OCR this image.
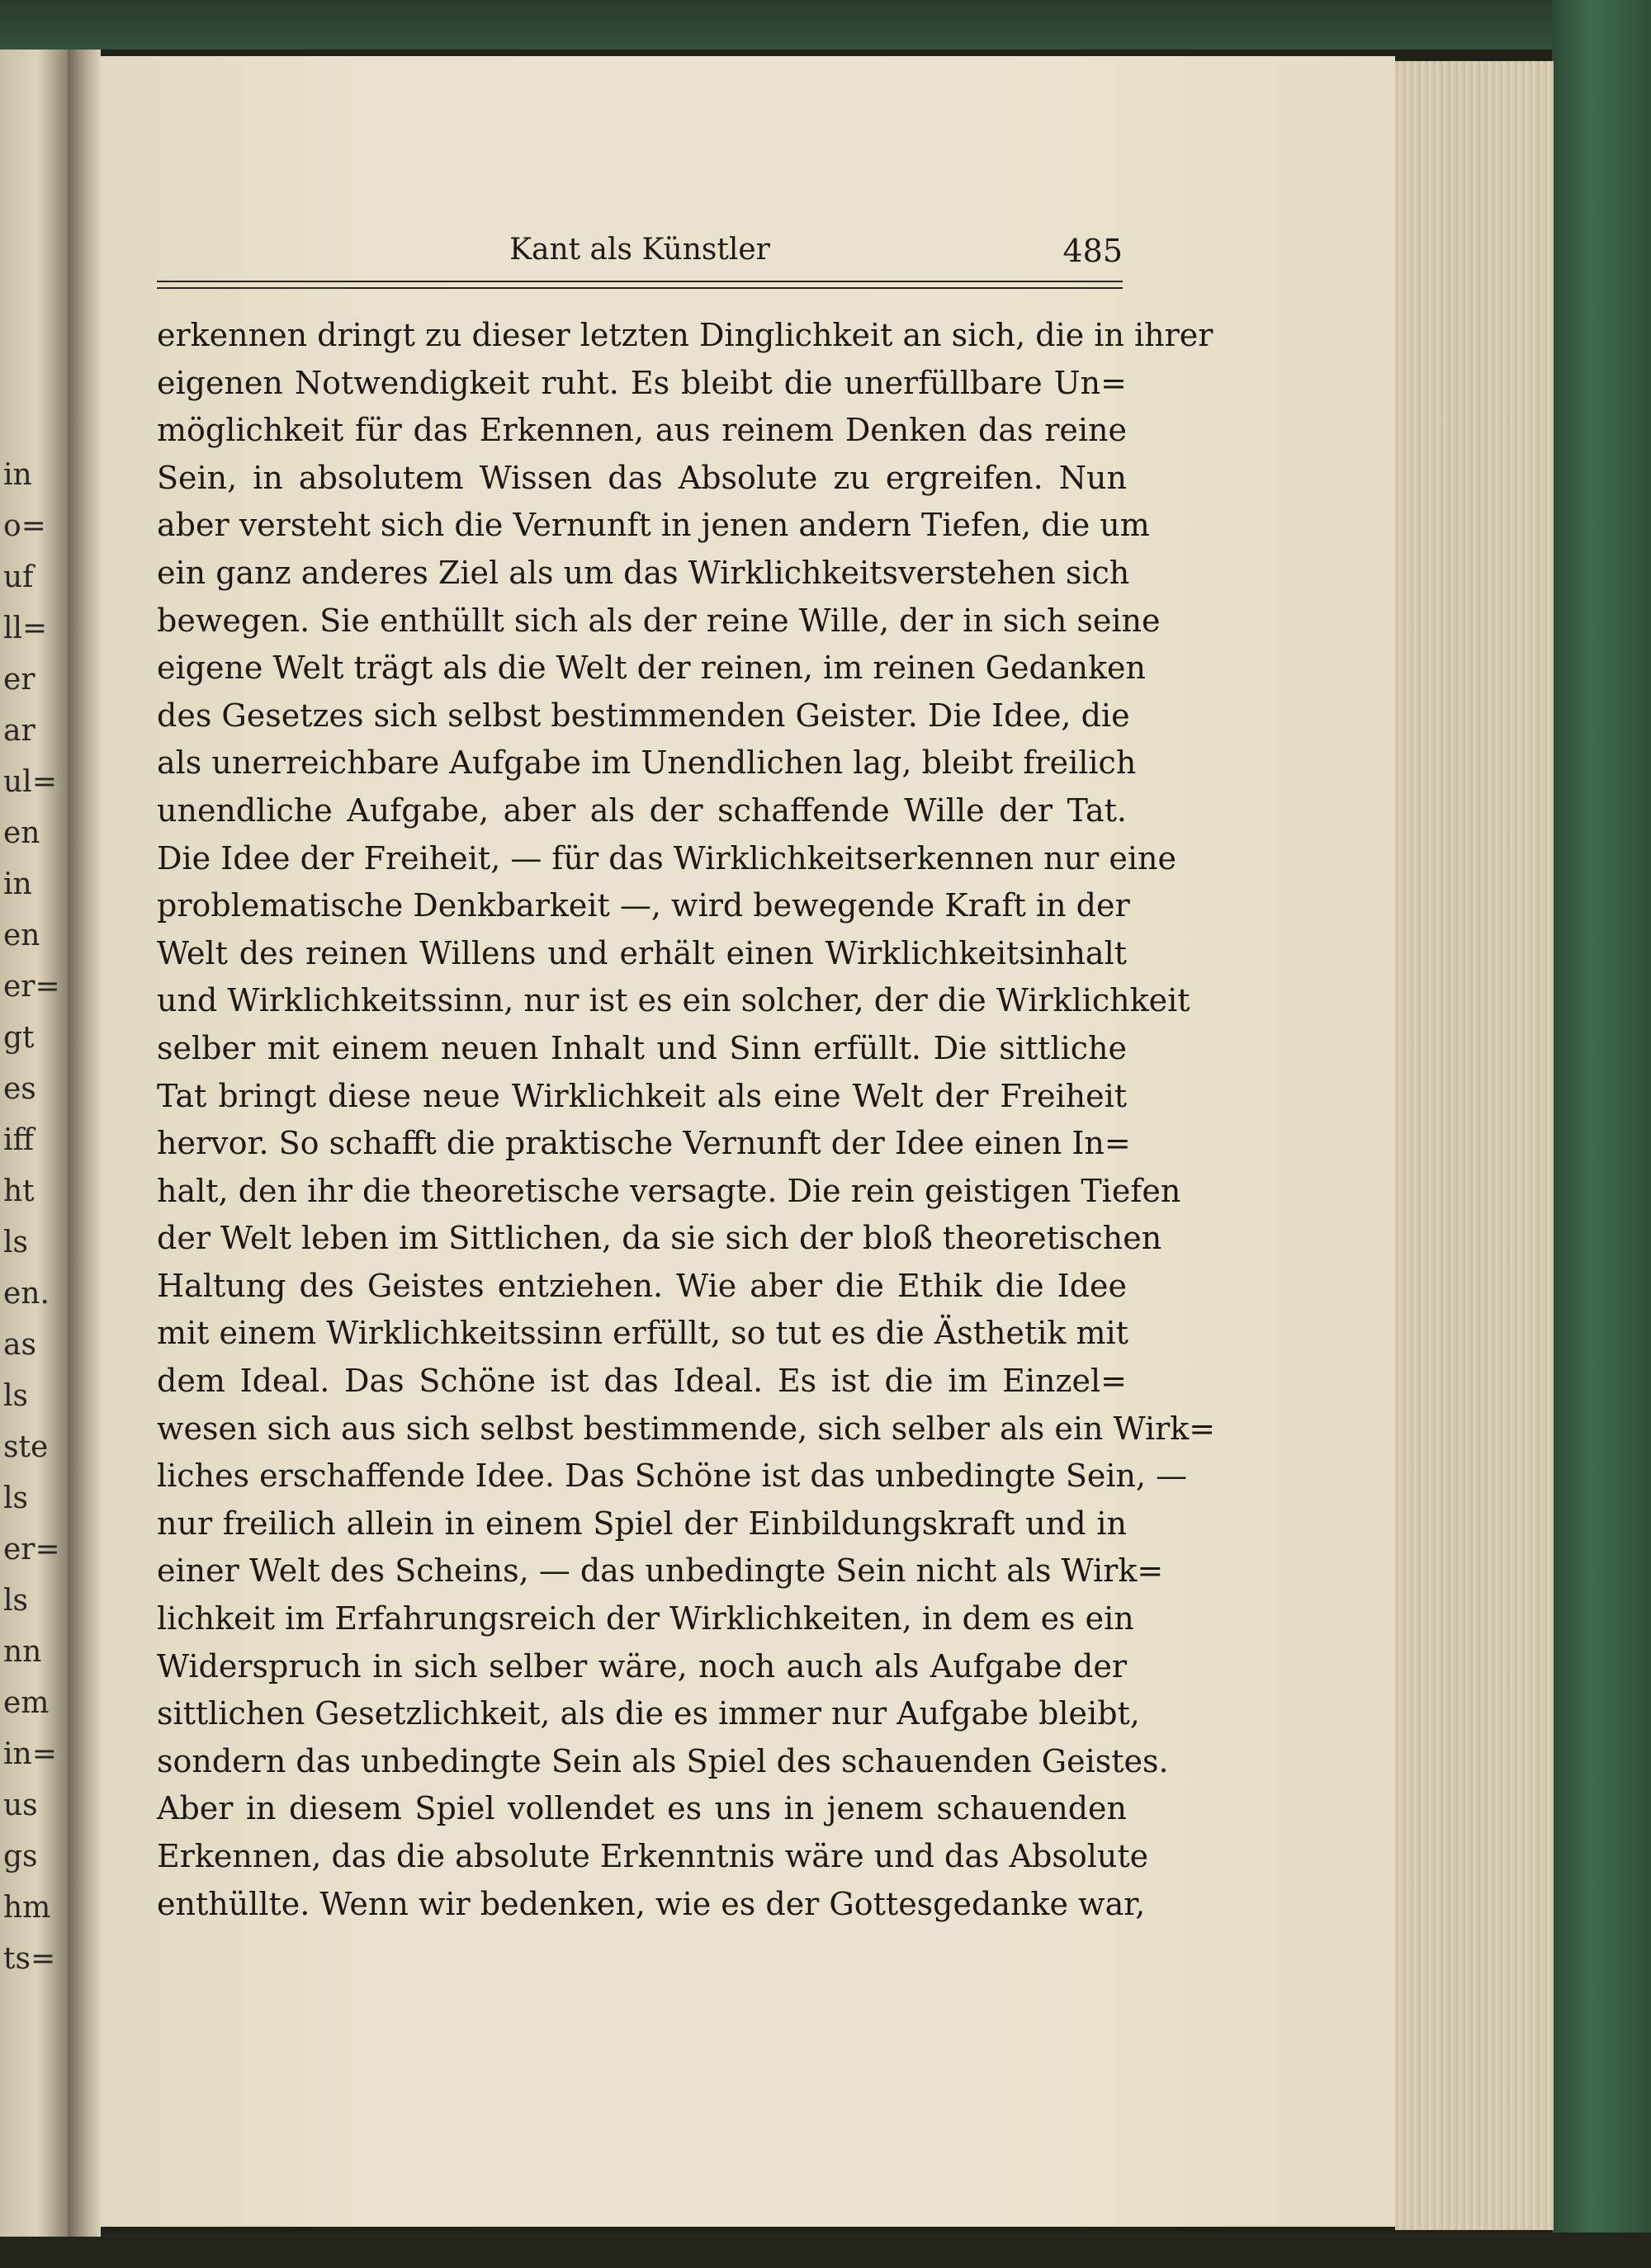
in
o=
uf
ll=
er
ar
ul=
en
in
en
er=
gt
es
iff
ht
ls
en.
as
ls
ste
ls
er=
ls
nn
em
in=
us
gs
hm
ts=
Kant als Künstler	485
erkennen dringt zu dieser letzten Dinglichkeit an sich, die in ihrer
eigenen Notwendigkeit ruht. Es bleibt die unerfüllbare Un=
möglichkeit für das Erkennen, aus reinem Denken das reine
Sein, in absolutem Wissen das Absolute zu ergreifen. Nun
aber versteht sich die Vernunft in jenen andern Tiefen, die um
ein ganz anderes Ziel als um das Wirklichkeitsverstehen sich
bewegen. Sie enthüllt sich als der reine Wille, der in sich seine
eigene Welt trägt als die Welt der reinen, im reinen Gedanken
des Gesetzes sich selbst bestimmenden Geister. Die Idee, die
als unerreichbare Aufgabe im Unendlichen lag, bleibt freilich
unendliche Aufgabe, aber als der schaffende Wille der Tat.
Die Idee der Freiheit, — für das Wirklichkeitserkennen nur eine
problematische Denkbarkeit —, wird bewegende Kraft in der
Welt des reinen Willens und erhält einen Wirklichkeitsinhalt
und Wirklichkeitssinn, nur ist es ein solcher, der die Wirklichkeit
selber mit einem neuen Inhalt und Sinn erfüllt. Die sittliche
Tat bringt diese neue Wirklichkeit als eine Welt der Freiheit
hervor. So schafft die praktische Vernunft der Idee einen In=
halt, den ihr die theoretische versagte. Die rein geistigen Tiefen
der Welt leben im Sittlichen, da sie sich der bloß theoretischen
Haltung des Geistes entziehen. Wie aber die Ethik die Idee
mit einem Wirklichkeitssinn erfüllt, so tut es die Ästhetik mit
dem Ideal. Das Schöne ist das Ideal. Es ist die im Einzel=
wesen sich aus sich selbst bestimmende, sich selber als ein Wirk=
liches erschaffende Idee. Das Schöne ist das unbedingte Sein, —
nur freilich allein in einem Spiel der Einbildungskraft und in
einer Welt des Scheins, — das unbedingte Sein nicht als Wirk=
lichkeit im Erfahrungsreich der Wirklichkeiten, in dem es ein
Widerspruch in sich selber wäre, noch auch als Aufgabe der
sittlichen Gesetzlichkeit, als die es immer nur Aufgabe bleibt,
sondern das unbedingte Sein als Spiel des schauenden Geistes.
Aber in diesem Spiel vollendet es uns in jenem schauenden
Erkennen, das die absolute Erkenntnis wäre und das Absolute
enthüllte. Wenn wir bedenken, wie es der Gottesgedanke war,
